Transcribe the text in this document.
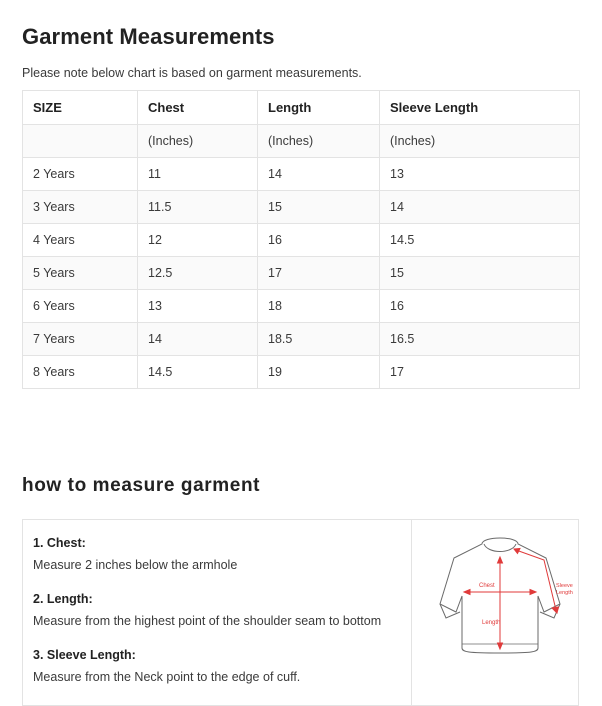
Garment Measurements

Please note below chart is based on garment measurements.

SIZE	Chest	Length	Sleeve Length
	(Inches)	(Inches)	(Inches)
2 Years	11	14	13
3 Years	11.5	15	14
4 Years	12	16	14.5
5 Years	12.5	17	15
6 Years	13	18	16
7 Years	14	18.5	16.5
8 Years	14.5	19	17
how to measure garment

1. Chest:
Measure 2 inches below the armhole

2. Length:
Measure from the highest point of the shoulder seam to bottom

3. Sleeve Length:
Measure from the Neck point to the edge of cuff.

Chest
Length
Sleeve
Length
